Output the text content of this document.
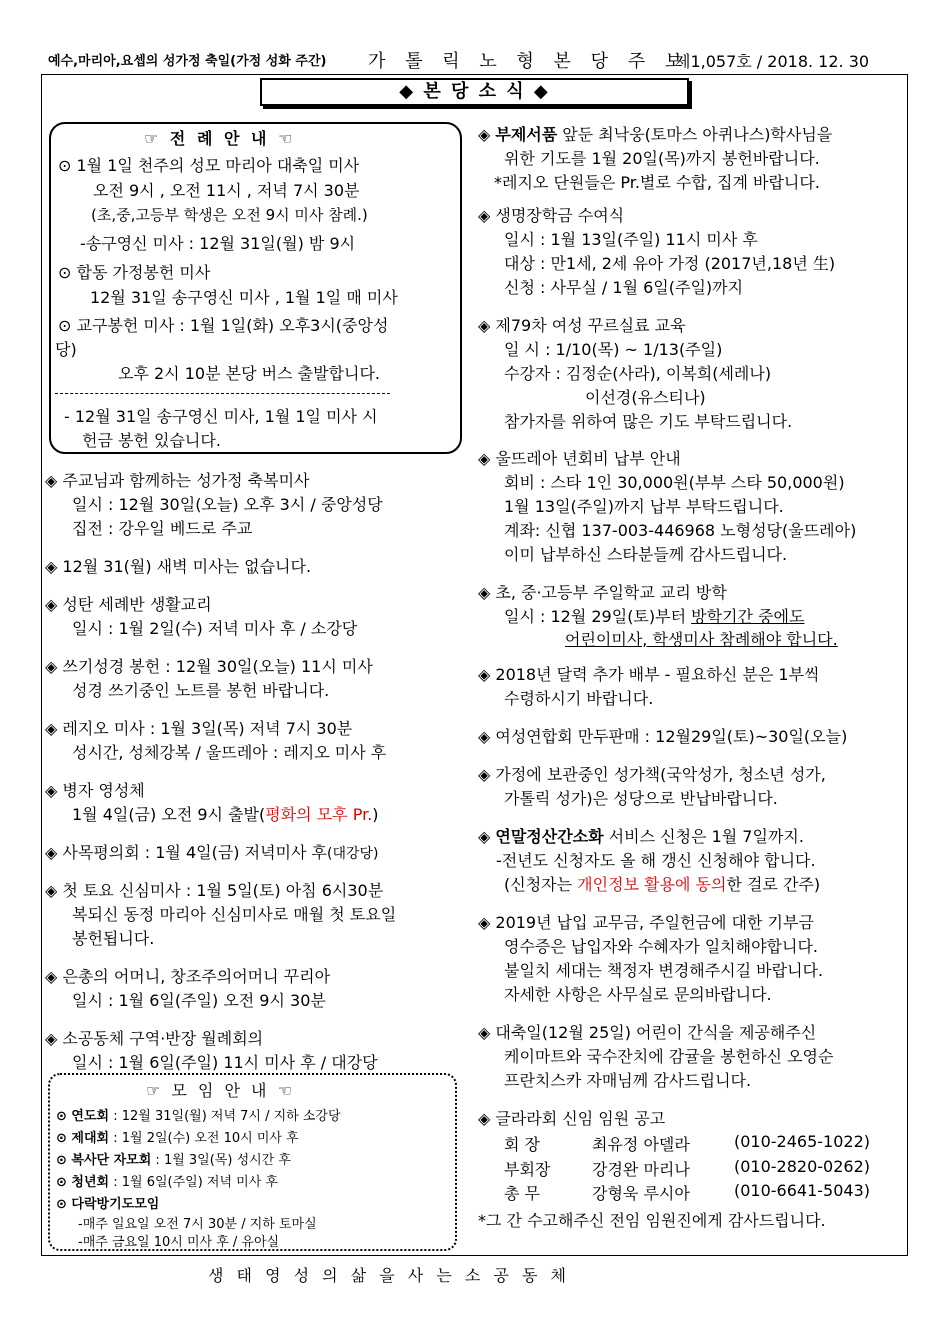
예수,마리아,요셉의 성가정 축일(가정 성화 주간) 가 톨 릭 노 형 본 당 주 보
제1,057호 / 2018. 12. 30
◆ 본 당 소 식 ◆
☞ 전 례 안 내 ☜
⊙ 1월 1일 천주의 성모 마리아 대축일 미사
오전 9시 , 오전 11시 , 저녁 7시 30분
(초,중,고등부 학생은 오전 9시 미사 참례.)
-송구영신 미사 : 12월 31일(월) 밤 9시
⊙ 합동 가정봉헌 미사
12월 31일 송구영신 미사 , 1월 1일 매 미사
⊙ 교구봉헌 미사 : 1월 1일(화) 오후3시(중앙성
당)
오후 2시 10분 본당 버스 출발합니다.
- 12월 31일 송구영신 미사, 1월 1일 미사 시
헌금 봉헌 있습니다.
◈ 주교님과 함께하는 성가정 축복미사
일시 : 12월 30일(오늘) 오후 3시 / 중앙성당
집전 : 강우일 베드로 주교
◈ 12월 31(월) 새벽 미사는 없습니다.
◈ 성탄 세례반 생활교리
일시 : 1월 2일(수) 저녁 미사 후 / 소강당
◈ 쓰기성경 봉헌 : 12월 30일(오늘) 11시 미사
성경 쓰기중인 노트를 봉헌 바랍니다.
◈ 레지오 미사 : 1월 3일(목) 저녁 7시 30분
성시간, 성체강복 / 울뜨레아 : 레지오 미사 후
◈ 병자 영성체
1월 4일(금) 오전 9시 출발(평화의 모후 Pr.)
◈ 사목평의회 : 1월 4일(금) 저녁미사 후(대강당)
◈ 첫 토요 신심미사 : 1월 5일(토) 아침 6시30분
복되신 동정 마리아 신심미사로 매월 첫 토요일
봉헌됩니다.
◈ 은총의 어머니, 창조주의어머니 꾸리아
일시 : 1월 6일(주일) 오전 9시 30분
◈ 소공동체 구역·반장 월례회의
일시 : 1월 6일(주일) 11시 미사 후 / 대강당
☞ 모 임 안 내 ☜
⊙ 연도회 : 12월 31일(월) 저녁 7시 / 지하 소강당
⊙ 제대회 : 1월 2일(수) 오전 10시 미사 후
⊙ 복사단 자모회 : 1월 3일(목) 성시간 후
⊙ 청년회 : 1월 6일(주일) 저녁 미사 후
⊙ 다락방기도모임
-매주 일요일 오전 7시 30분 / 지하 토마실
-매주 금요일 10시 미사 후 / 유아실
◈ 부제서품 앞둔 최낙웅(토마스 아퀴나스)학사님을
위한 기도를 1월 20일(목)까지 봉헌바랍니다.
*레지오 단원들은 Pr.별로 수합, 집계 바랍니다.
◈ 생명장학금 수여식
일시 : 1월 13일(주일) 11시 미사 후
대상 : 만1세, 2세 유아 가정 (2017년,18년 生)
신청 : 사무실 / 1월 6일(주일)까지
◈ 제79차 여성 꾸르실료 교육
일 시 : 1/10(목) ~ 1/13(주일)
수강자 : 김정순(사라), 이복희(세레나)
이선경(유스티나)
참가자를 위하여 많은 기도 부탁드립니다.
◈ 울뜨레아 년회비 납부 안내
회비 : 스타 1인 30,000원(부부 스타 50,000원)
1월 13일(주일)까지 납부 부탁드립니다.
계좌: 신협 137-003-446968 노형성당(울뜨레아)
이미 납부하신 스타분들께 감사드립니다.
◈ 초, 중·고등부 주일학교 교리 방학
일시 : 12월 29일(토)부터 방학기간 중에도
어린이미사, 학생미사 참례해야 합니다.
◈ 2018년 달력 추가 배부 - 필요하신 분은 1부씩
수령하시기 바랍니다.
◈ 여성연합회 만두판매 : 12월29일(토)~30일(오늘)
◈ 가정에 보관중인 성가책(국악성가, 청소년 성가,
가톨릭 성가)은 성당으로 반납바랍니다.
◈ 연말정산간소화 서비스 신청은 1월 7일까지.
-전년도 신청자도 올 해 갱신 신청해야 합니다.
(신청자는 개인정보 활용에 동의한 걸로 간주)
◈ 2019년 납입 교무금, 주일헌금에 대한 기부금
영수증은 납입자와 수혜자가 일치해야합니다.
불일치 세대는 책정자 변경해주시길 바랍니다.
자세한 사항은 사무실로 문의바랍니다.
◈ 대축일(12월 25일) 어린이 간식을 제공해주신
케이마트와 국수잔치에 감귤을 봉헌하신 오영순
프란치스카 자매님께 감사드립니다.
◈ 글라라회 신임 임원 공고
회 장	최유정 아델라	(010-2465-1022)
부회장	강경완 마리나	(010-2820-0262)
총 무	강형욱 루시아	(010-6641-5043)
*그 간 수고해주신 전임 임원진에게 감사드립니다.
생 태 영 성 의 삶 을 사 는 소 공 동 체
